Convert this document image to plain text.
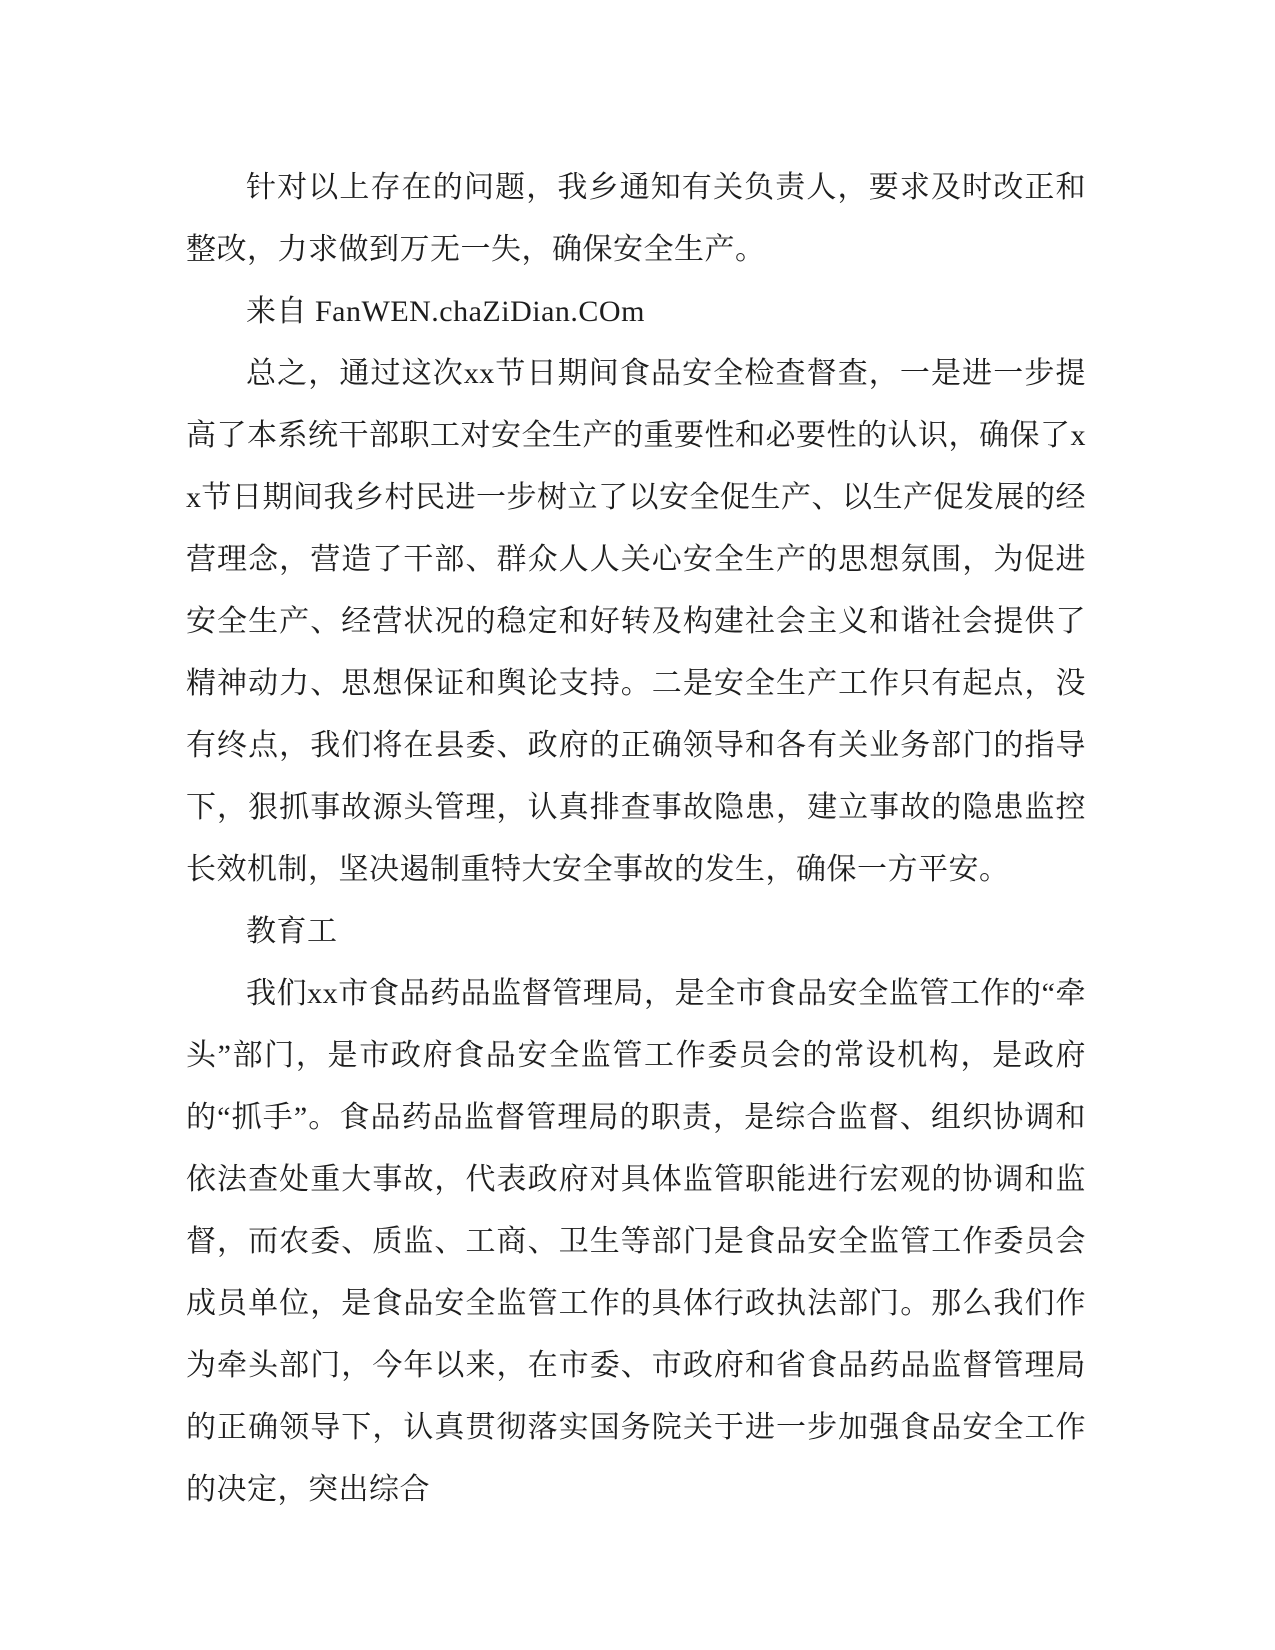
针对以上存在的问题，我乡通知有关负责人，要求及时改正和整改，力求做到万无一失，确保安全生产。

来自 FanWEN.chaZiDian.COm

总之，通过这次xx节日期间食品安全检查督查，一是进一步提高了本系统干部职工对安全生产的重要性和必要性的认识，确保了xx节日期间我乡村民进一步树立了以安全促生产、以生产促发展的经营理念，营造了干部、群众人人关心安全生产的思想氛围，为促进安全生产、经营状况的稳定和好转及构建社会主义和谐社会提供了精神动力、思想保证和舆论支持。二是安全生产工作只有起点，没有终点，我们将在县委、政府的正确领导和各有关业务部门的指导下，狠抓事故源头管理，认真排查事故隐患，建立事故的隐患监控长效机制，坚决遏制重特大安全事故的发生，确保一方平安。

教育工

我们xx市食品药品监督管理局，是全市食品安全监管工作的“牵头”部门，是市政府食品安全监管工作委员会的常设机构，是政府的“抓手”。食品药品监督管理局的职责，是综合监督、组织协调和依法查处重大事故，代表政府对具体监管职能进行宏观的协调和监督，而农委、质监、工商、卫生等部门是食品安全监管工作委员会成员单位，是食品安全监管工作的具体行政执法部门。那么我们作为牵头部门，今年以来，在市委、市政府和省食品药品监督管理局的正确领导下，认真贯彻落实国务院关于进一步加强食品安全工作的决定，突出综合
